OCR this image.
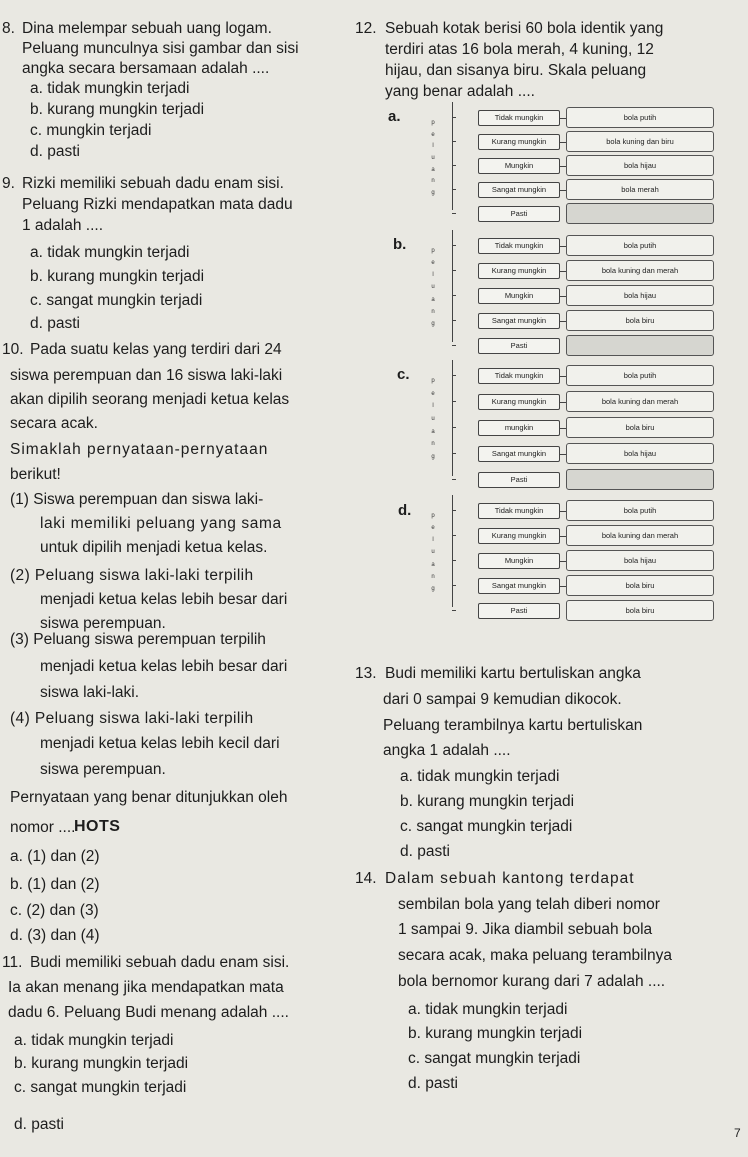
8. Dina melempar sebuah uang logam.
Peluang munculnya sisi gambar dan sisi
angka secara bersamaan adalah ....
a. tidak mungkin terjadi
b. kurang mungkin terjadi
c. mungkin terjadi
d. pasti
9. Rizki memiliki sebuah dadu enam sisi.
Peluang Rizki mendapatkan mata dadu
1 adalah ....
a. tidak mungkin terjadi
b. kurang mungkin terjadi
c. sangat mungkin terjadi
d. pasti
10. Pada suatu kelas yang terdiri dari 24
siswa perempuan dan 16 siswa laki-laki
akan dipilih seorang menjadi ketua kelas
secara acak.
Simaklah pernyataan-pernyataan
berikut!
(1) Siswa perempuan dan siswa laki-
laki memiliki peluang yang sama
untuk dipilih menjadi ketua kelas.
(2) Peluang siswa laki-laki terpilih
menjadi ketua kelas lebih besar dari
siswa perempuan.
(3) Peluang siswa perempuan terpilih
menjadi ketua kelas lebih besar dari
siswa laki-laki.
(4) Peluang siswa laki-laki terpilih
menjadi ketua kelas lebih kecil dari
siswa perempuan.
Pernyataan yang benar ditunjukkan oleh
nomor ....
HOTS
a. (1) dan (2)
b. (1) dan (2)
c. (2) dan (3)
d. (3) dan (4)
11. Budi memiliki sebuah dadu enam sisi.
Ia akan menang jika mendapatkan mata
dadu 6. Peluang Budi menang adalah ....
a. tidak mungkin terjadi
b. kurang mungkin terjadi
c. sangat mungkin terjadi
d. pasti
12. Sebuah kotak berisi 60 bola identik yang
terdiri atas 16 bola merah, 4 kuning, 12
hijau, dan sisanya biru. Skala peluang
yang benar adalah ....
a.	p
e
l
u
a
n
g
Tidak mungkin	bola putih
Kurang mungkin	bola kuning dan biru
Mungkin	bola hijau
Sangat mungkin	bola merah
Pasti
b.	p
e
l
u
a
n
g
Tidak mungkin	bola putih
Kurang mungkin	bola kuning dan merah
Mungkin	bola hijau
Sangat mungkin	bola biru
Pasti
c.	p
e
l
u
a
n
g
Tidak mungkin	bola putih
Kurang mungkin	bola kuning dan merah
mungkin	bola biru
Sangat mungkin	bola hijau
Pasti
d.	p
e
l
u
a
n
g
Tidak mungkin	bola putih
Kurang mungkin	bola kuning dan merah
Mungkin	bola hijau
Sangat mungkin	bola biru
Pasti	bola biru
13. Budi memiliki kartu bertuliskan angka
dari 0 sampai 9 kemudian dikocok.
Peluang terambilnya kartu bertuliskan
angka 1 adalah ....
a. tidak mungkin terjadi
b. kurang mungkin terjadi
c. sangat mungkin terjadi
d. pasti
14. Dalam sebuah kantong terdapat
sembilan bola yang telah diberi nomor
1 sampai 9. Jika diambil sebuah bola
secara acak, maka peluang terambilnya
bola bernomor kurang dari 7 adalah ....
a. tidak mungkin terjadi
b. kurang mungkin terjadi
c. sangat mungkin terjadi
d. pasti
7
